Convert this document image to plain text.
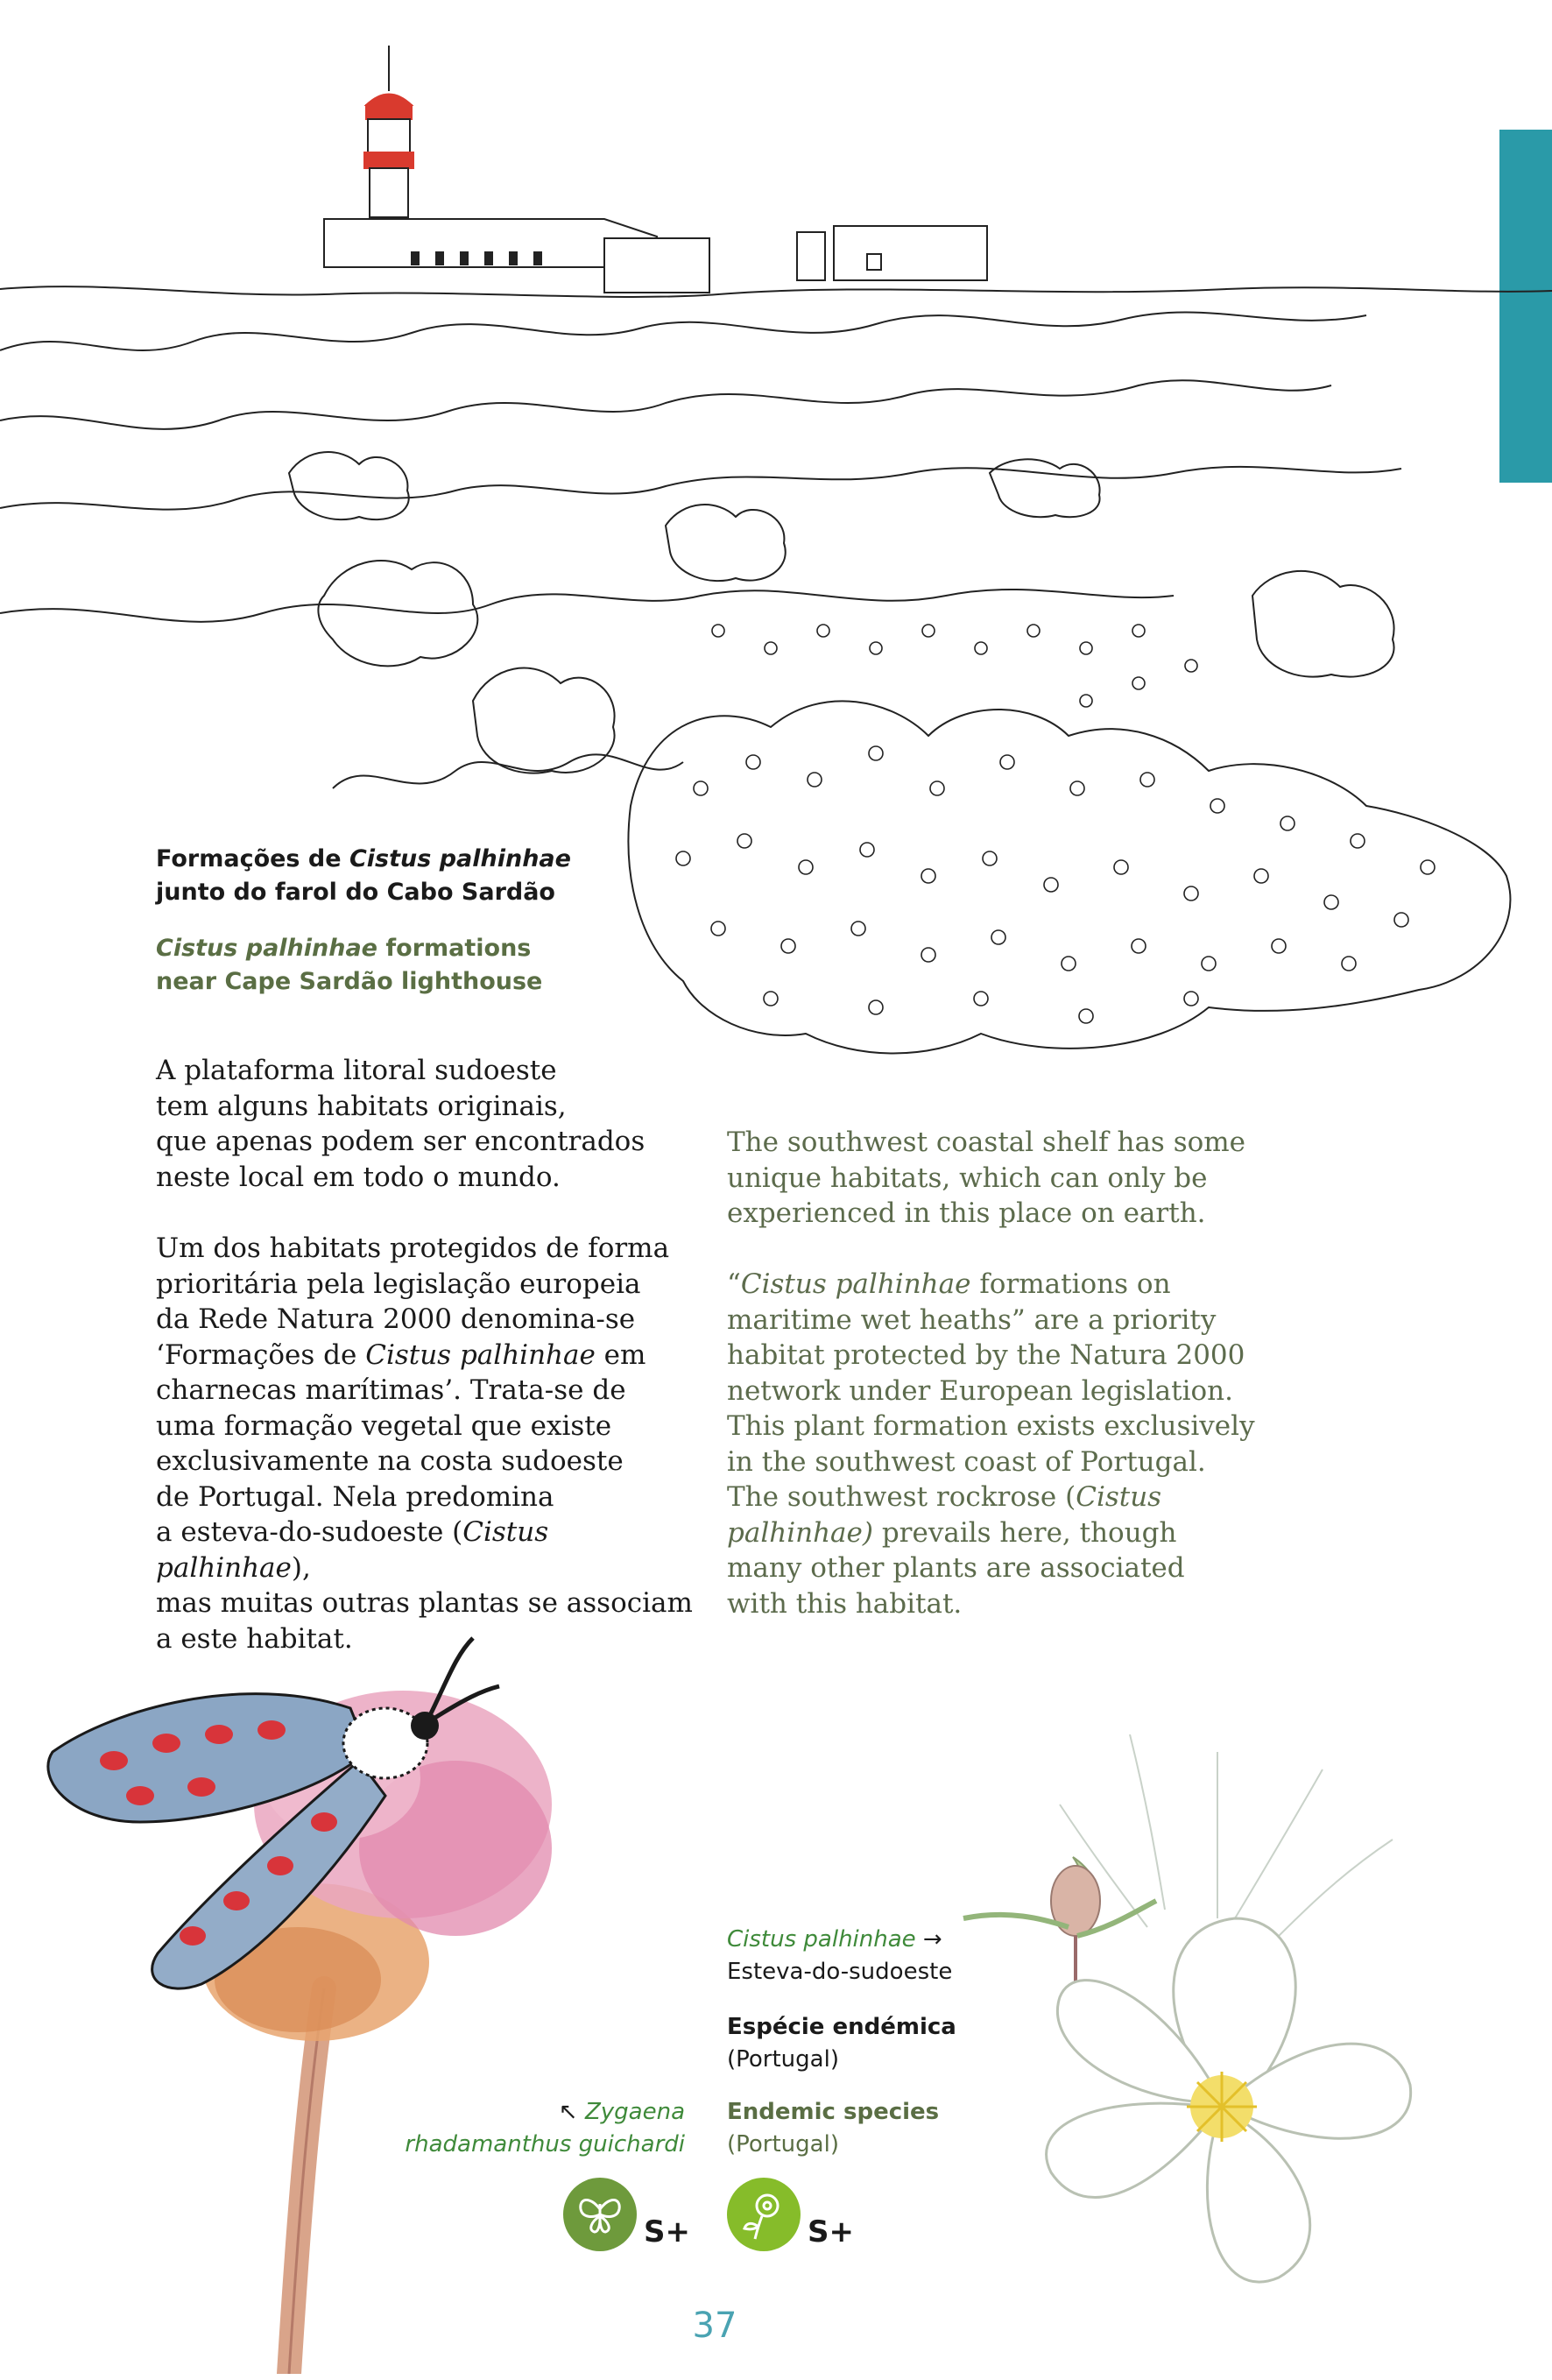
Formações de Cistus palhinhae
junto do farol do Cabo Sardão
Cistus palhinhae formations
near Cape Sardão lighthouse
A plataforma litoral sudoeste
tem alguns habitats originais,
que apenas podem ser encontrados
neste local em todo o mundo.
Um dos habitats protegidos de forma
prioritária pela legislação europeia
da Rede Natura 2000 denomina-se
‘Formações de Cistus palhinhae em
charnecas marítimas’. Trata-se de
uma formação vegetal que existe
exclusivamente na costa sudoeste
de Portugal. Nela predomina
a esteva-do-sudoeste (Cistus palhinhae),
mas muitas outras plantas se associam
a este habitat.
The southwest coastal shelf has some
unique habitats, which can only be
experienced in this place on earth.
“Cistus palhinhae formations on
maritime wet heaths” are a priority
habitat protected by the Natura 2000
network under European legislation.
This plant formation exists exclusively
in the southwest coast of Portugal.
The southwest rockrose (Cistus
palhinhae) prevails here, though
many other plants are associated
with this habitat.
↖ Zygaena
rhadamanthus guichardi
Cistus palhinhae →
Esteva-do-sudoeste
Espécie endémica
(Portugal)
Endemic species
(Portugal)
S+	S+
37
